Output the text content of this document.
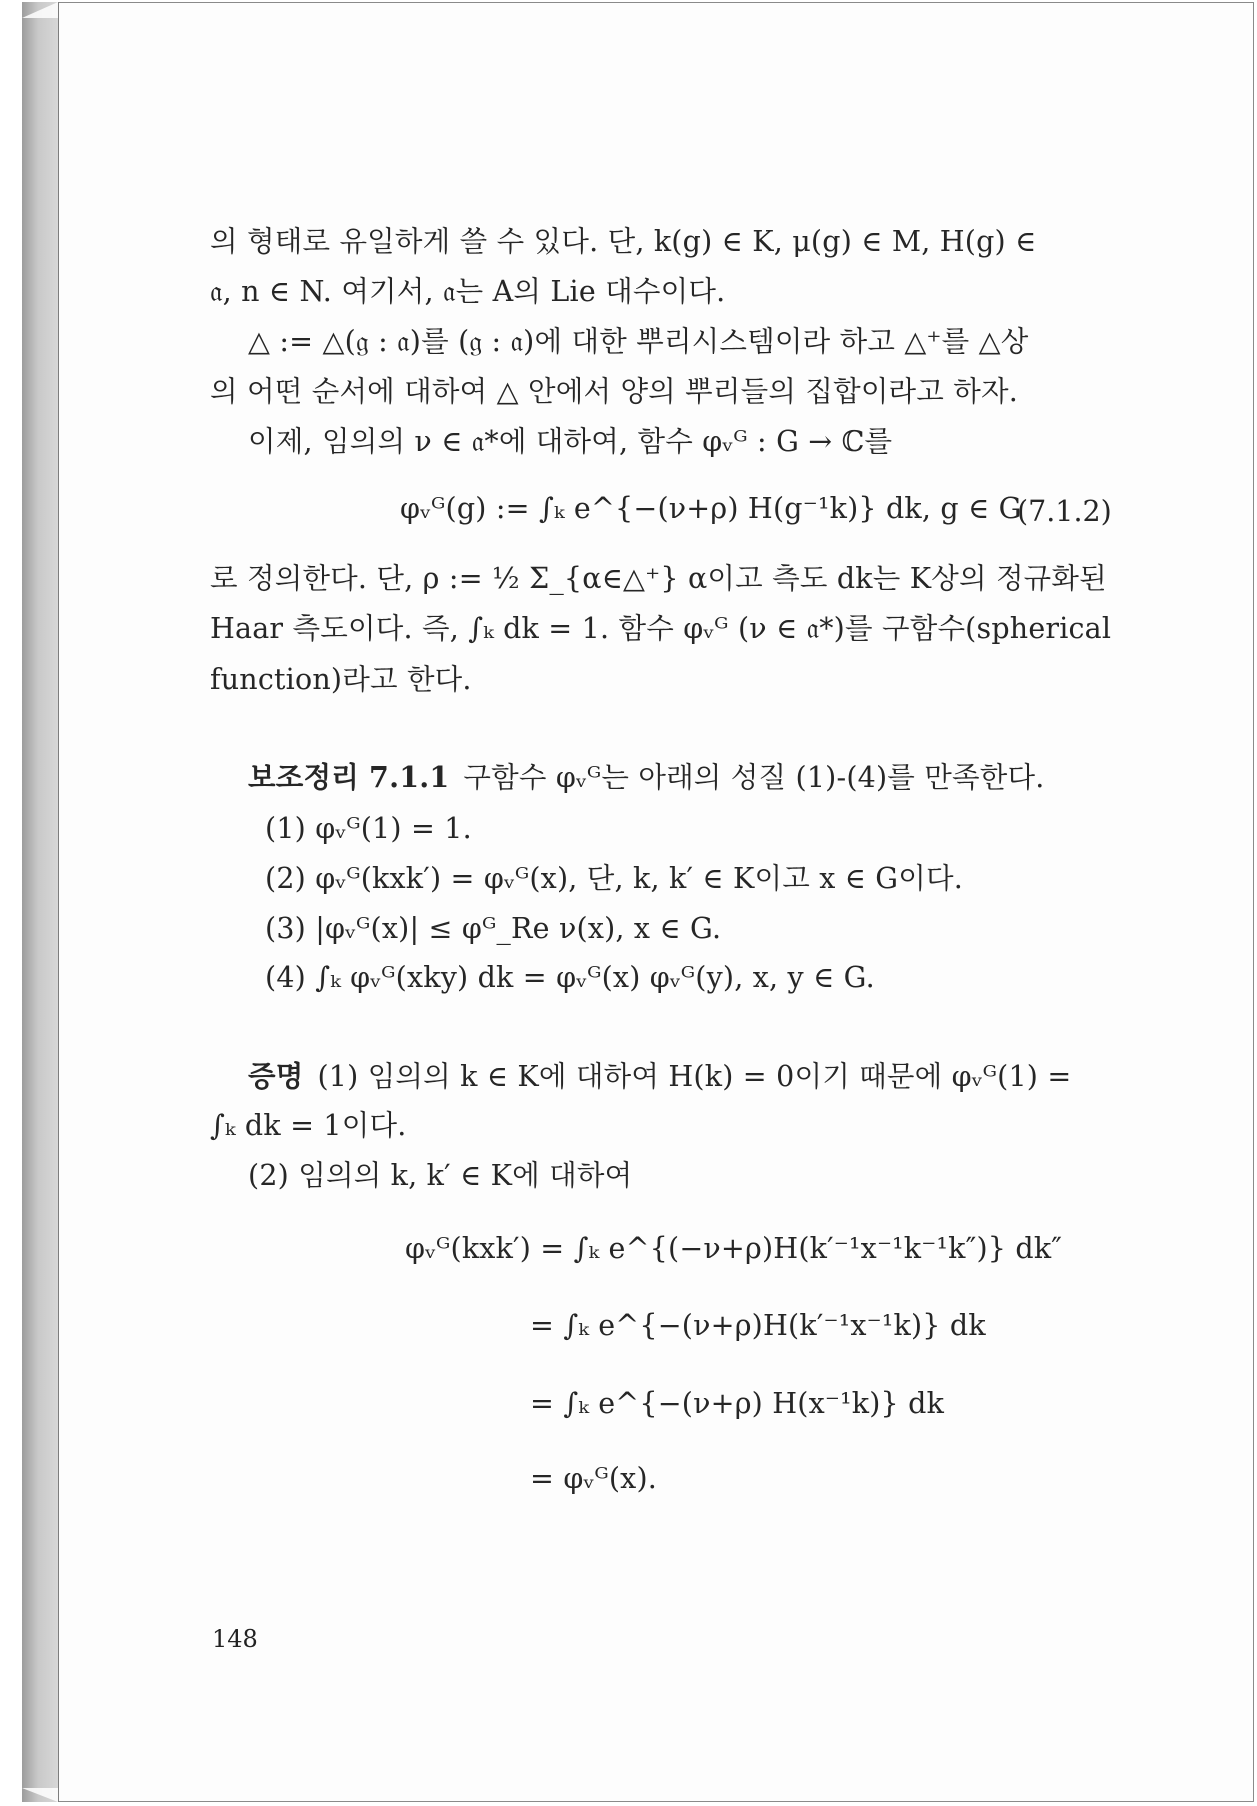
의 형태로 유일하게 쓸 수 있다. 단, k(g) ∈ K, μ(g) ∈ M, H(g) ∈
𝔞, n ∈ N. 여기서, 𝔞는 A의 Lie 대수이다.
△ := △(𝔤 : 𝔞)를 (𝔤 : 𝔞)에 대한 뿌리시스템이라 하고 △⁺를 △상
의 어떤 순서에 대하여 △ 안에서 양의 뿌리들의 집합이라고 하자.
이제, 임의의 ν ∈ 𝔞*에 대하여, 함수 φᵥᴳ : G → ℂ를
φᵥᴳ(g) := ∫ₖ e^{−(ν+ρ) H(g⁻¹k)} dk, g ∈ G
(7.1.2)
로 정의한다. 단, ρ := ½ Σ_{α∈△⁺} α이고 측도 dk는 K상의 정규화된
Haar 측도이다. 즉, ∫ₖ dk = 1. 함수 φᵥᴳ (ν ∈ 𝔞*)를 구함수(spherical
function)라고 한다.
보조정리 7.1.1 구함수 φᵥᴳ는 아래의 성질 (1)-(4)를 만족한다.
(1) φᵥᴳ(1) = 1.
(2) φᵥᴳ(kxk′) = φᵥᴳ(x), 단, k, k′ ∈ K이고 x ∈ G이다.
(3) |φᵥᴳ(x)| ≤ φᴳ_Re ν(x), x ∈ G.
(4) ∫ₖ φᵥᴳ(xky) dk = φᵥᴳ(x) φᵥᴳ(y), x, y ∈ G.
증명 (1) 임의의 k ∈ K에 대하여 H(k) = 0이기 때문에 φᵥᴳ(1) =
∫ₖ dk = 1이다.
(2) 임의의 k, k′ ∈ K에 대하여
φᵥᴳ(kxk′) = ∫ₖ e^{(−ν+ρ)H(k′⁻¹x⁻¹k⁻¹k″)} dk″
= ∫ₖ e^{−(ν+ρ)H(k′⁻¹x⁻¹k)} dk
= ∫ₖ e^{−(ν+ρ) H(x⁻¹k)} dk
= φᵥᴳ(x).
148
